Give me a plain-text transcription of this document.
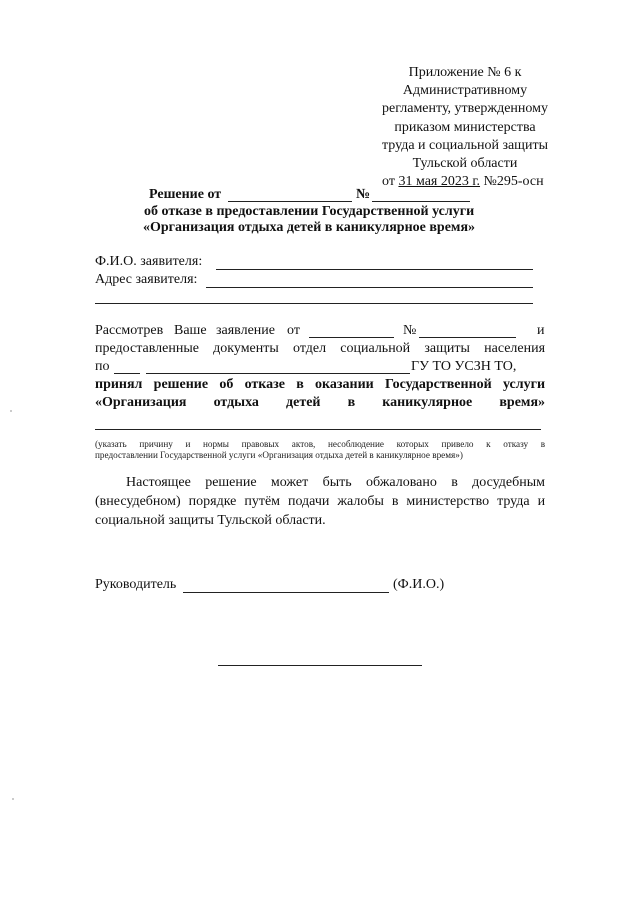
Приложение № 6 к
Административному
регламенту, утвержденному
приказом министерства
труда и социальной защиты
Тульской области
от 31 мая 2023 г. №295-осн
Решение от	№
об отказе в предоставлении Государственной услуги
«Организация отдыха детей в каникулярное время»
Ф.И.О. заявителя:
Адрес заявителя:
Рассмотрев Ваше заявление от	№	и
предоставленные документы отдел социальной защиты населения
по	ГУ ТО УСЗН ТО,
принял решение об отказе в оказании Государственной услуги
«Организация отдыха детей в каникулярное время»
(указать причину и нормы правовых актов, несоблюдение которых привело к отказу в
предоставлении Государственной услуги «Организация отдыха детей в каникулярное время»)
Настоящее решение может быть обжаловано в досудебным
(внесудебном) порядке путём подачи жалобы в министерство труда и
социальной защиты Тульской области.
Руководитель	(Ф.И.О.)
